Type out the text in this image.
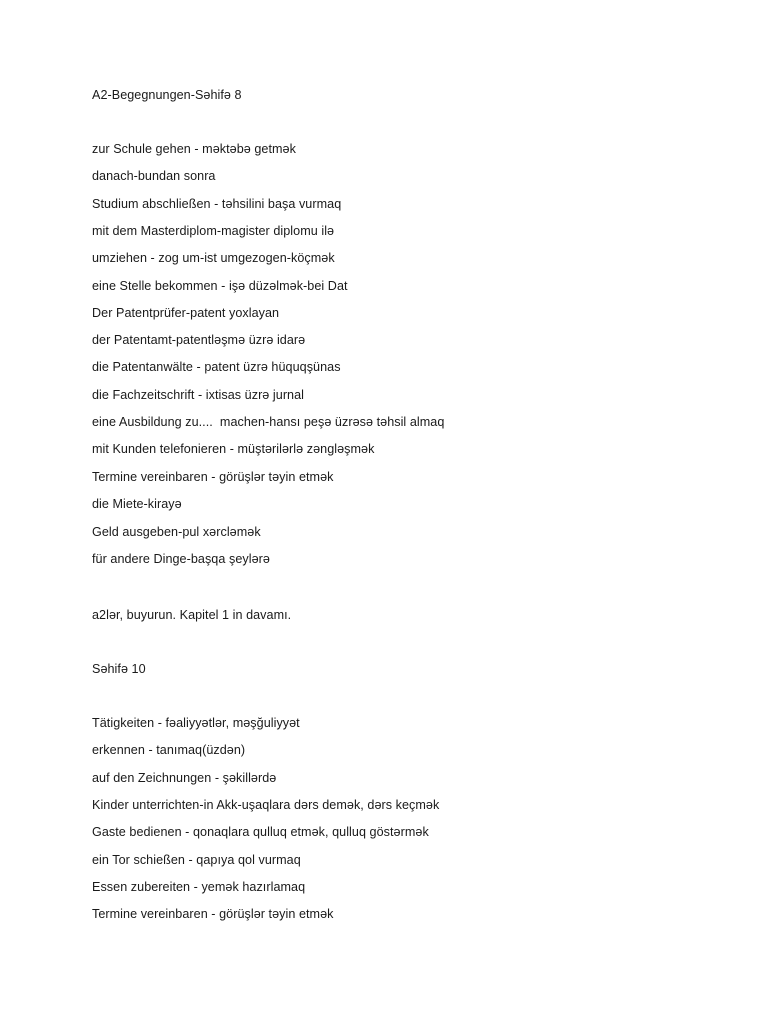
A2-Begegnungen-Səhifə 8
zur Schule gehen - məktəbə getmək
danach-bundan sonra
Studium abschließen - təhsilini başa vurmaq
mit dem Masterdiplom-magister diplomu ilə
umziehen - zog um-ist umgezogen-köçmək
eine Stelle bekommen - işə düzəlmək-bei Dat
Der Patentprüfer-patent yoxlayan
der Patentamt-patentləşmə üzrə idarə
die Patentanwälte - patent üzrə hüquqşünas
die Fachzeitschrift - ixtisas üzrə jurnal
eine Ausbildung zu....  machen-hansı peşə üzrəsə təhsil almaq
mit Kunden telefonieren - müştərilərlə zəngləşmək
Termine vereinbaren - görüşlər təyin etmək
die Miete-kirayə
Geld ausgeben-pul xərcləmək
für andere Dinge-başqa şeylərə
a2lər, buyurun. Kapitel 1 in davamı.
Səhifə 10
Tätigkeiten - fəaliyyətlər, məşğuliyyət
erkennen - tanımaq(üzdən)
auf den Zeichnungen - şəkillərdə
Kinder unterrichten-in Akk-uşaqlara dərs demək, dərs keçmək
Gaste bedienen - qonaqlara qulluq etmək, qulluq göstərmək
ein Tor schießen - qapıya qol vurmaq
Essen zubereiten - yemək hazırlamaq
Termine vereinbaren - görüşlər təyin etmək
